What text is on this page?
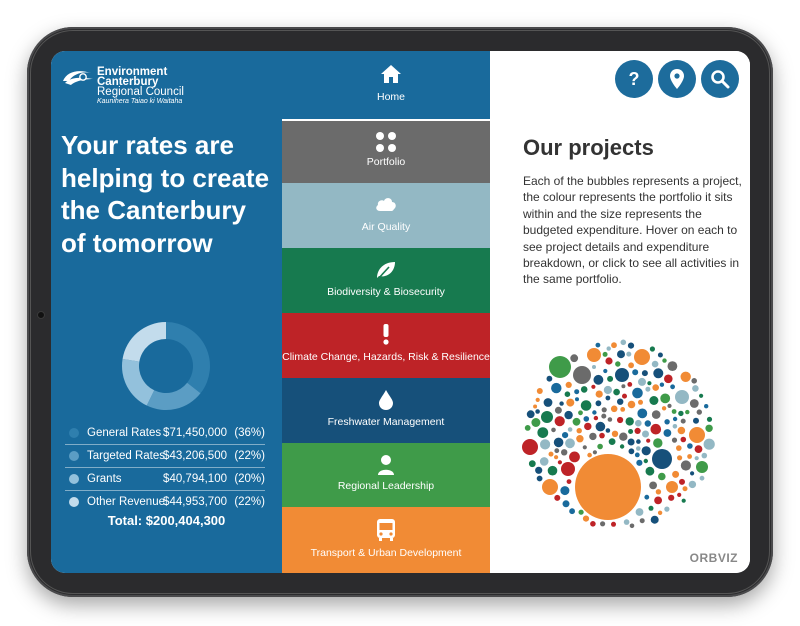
Environment
Canterbury
Regional Council
Kaunihera Taiao ki Waitaha
Your rates are helping to create the Canterbury of tomorrow
General Rates $71,450,000 (36%)
Targeted Rates
$43,206,500 (22%)
Grants	$40,794,100 (20%)
Other Revenue
$44,953,700 (22%)
Total: $200,404,300
Home
Portfolio
Air Quality
Biodiversity & Biosecurity
Climate Change, Hazards, Risk & Resilience
Freshwater Management
Regional Leadership
Transport & Urban Development
?
Our projects
Each of the bubbles represents a project, the colour represents the portfolio it sits within and the size represents the budgeted expenditure. Hover on each to see project details and expenditure breakdown, or click to see all activities in the same portfolio.
ORBVIZ
